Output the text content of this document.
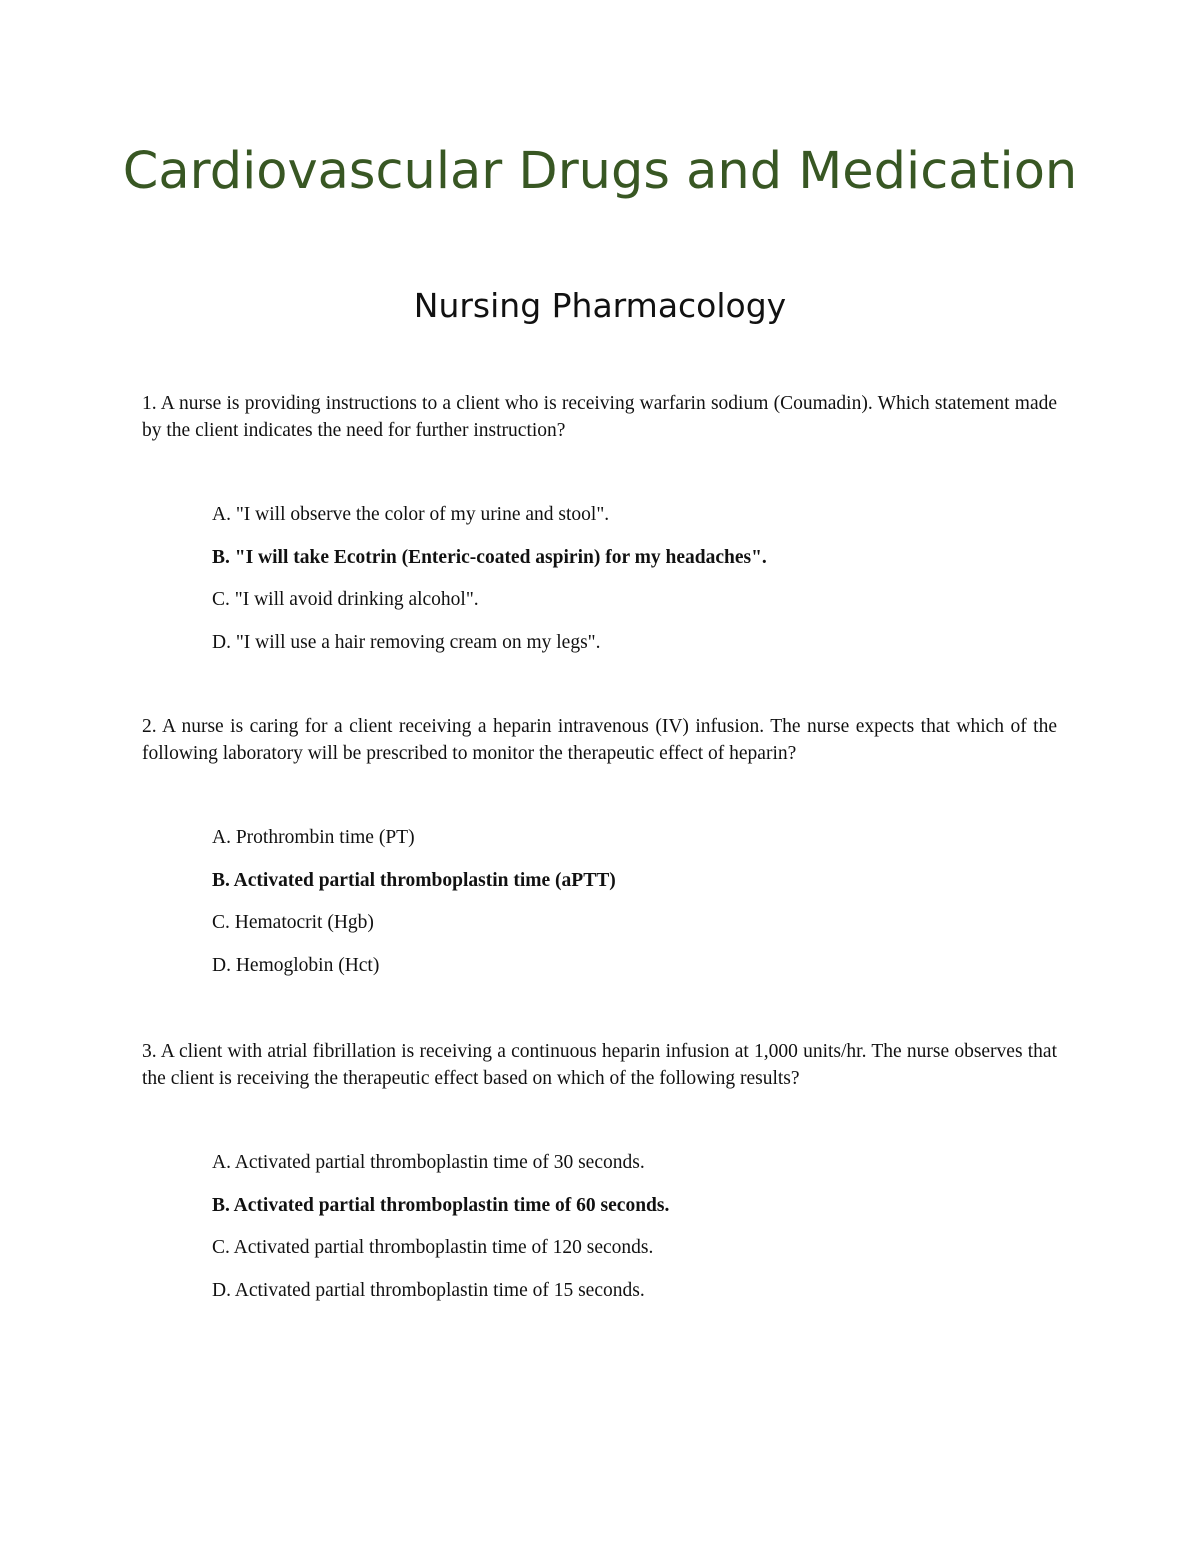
Cardiovascular Drugs and Medication
Nursing Pharmacology

1. A nurse is providing instructions to a client who is receiving warfarin sodium (Coumadin). Which statement made by the client indicates the need for further instruction?

A. "I will observe the color of my urine and stool".
B. "I will take Ecotrin (Enteric-coated aspirin) for my headaches".
C. "I will avoid drinking alcohol".
D. "I will use a hair removing cream on my legs".

2. A nurse is caring for a client receiving a heparin intravenous (IV) infusion. The nurse expects that which of the following laboratory will be prescribed to monitor the therapeutic effect of heparin?

A. Prothrombin time (PT)
B. Activated partial thromboplastin time (aPTT)
C. Hematocrit (Hgb)
D. Hemoglobin (Hct)

3. A client with atrial fibrillation is receiving a continuous heparin infusion at 1,000 units/hr. The nurse observes that the client is receiving the therapeutic effect based on which of the following results?

A. Activated partial thromboplastin time of 30 seconds.
B. Activated partial thromboplastin time of 60 seconds.
C. Activated partial thromboplastin time of 120 seconds.
D. Activated partial thromboplastin time of 15 seconds.
